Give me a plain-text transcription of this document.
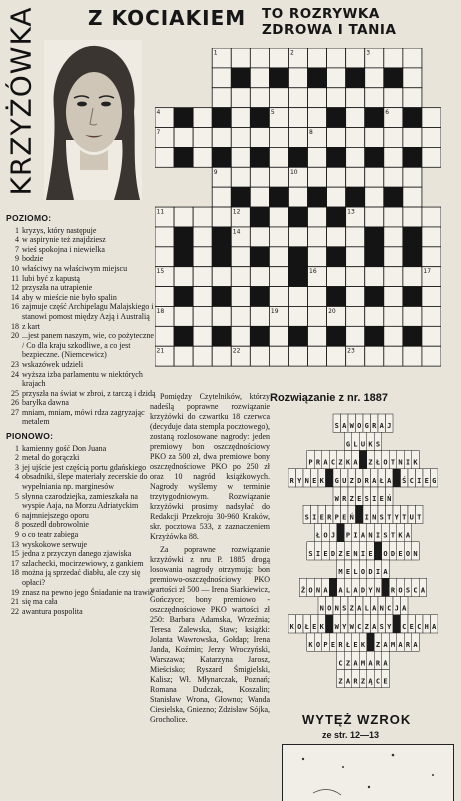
KRZYŻÓWKA	Z KOCIAKIEM TO ROZRYWKA
ZDROWA I TANIA
1	2	3
4	5	6
7	8
9	10
11	12	13
14
15	16	17
18	19	20
21	22	23
POZIOMO:
1 kryzys, który następuje
4 w aspirynie też znajdziesz
7 wieś spokojna i niewielka
9 bodzie
10 właściwy na właściwym miejscu
11 lubi być z kapustą
12 przyszła na utrapienie
14 aby w mieście nie było spalin
16 zajmuje część Archipelagu Malajskiego i stanowi pomost między Azją i Australią
18 z kart
20 ...jest panem naszym, wie, co pożyteczne / Co dla kraju szkodliwe, a co jest bezpieczne. (Niemcewicz)
23 wskazówek udzieli
24 wyższa izba parlamentu w niektórych krajach
25 przyszła na świat w zbroi, z tarczą i dzidą
26 baryłka dawna
27 mniam, mniam, mówi rdza zagryzając metalem
PIONOWO:
1 kamienny gość Don Juana
2 metal do gorączki
3 jej ujście jest częścią portu gdańskiego
4 obsadniki, ślepe materiały zecerskie do wypełniania np. marginesów
5 słynna czarodziejka, zamieszkała na wyspie Aaja, na Morzu Adriatyckim
6 najmniejszego oporu
8 poszedł dobrowolnie
9 o co teatr zabiega
13 wyskokowe serwuje
15 jedna z przyczyn danego zjawiska
17 szlachecki, mocirzewiowy, z gankiem
18 można ją sprzedać diabłu, ale czy się opłaci?
19 znasz na pewno jego Śniadanie na trawie
21 się ma cała
22 awantura pospolita

Pomiędzy Czytelników, którzy nadeślą poprawne rozwiązanie krzyżówki do czwartku 18 czerwca (decyduje data stempla pocztowego), zostaną rozlosowane nagrody: jeden premiowy bon oszczędnościowy PKO za 500 zł, dwa premiowe bony oszczędnościowe PKO po 250 zł oraz 10 nagród książkowych. Nagrody wyślemy w terminie trzytygodniowym. Rozwiązanie krzyżówki prosimy nadsyłać do Redakcji Przekroju 30-960 Kraków, skr. pocztowa 533, z zaznaczeniem Krzyżówka 88.

Za poprawne rozwiązanie krzyżówki z nru P. 1885 drogą losowania nagrody otrzymują: bon premiowo-oszczędnościowy PKO wartości zł 500 — Irena Siarkiewicz, Gończyce; bony premiowo - oszczędnościowe PKO wartości zł 250: Barbara Adamska, Wrzeźnia; Teresa Zalewska, Staw; książki: Jolanta Wawrowska, Gołdap; Irena Janda, Koźmin; Jerzy Wroczyński, Warszawa; Katarzyna Jarosz, Mieścisko; Ryszard Śmigielski, Kalisz; Wł. Młynarczak, Poznań; Romana Dudczak, Koszalin; Stanisław Wrona, Głowno; Wanda Ciesielska, Gniezno; Zdzisław Sójka, Grocholice.

Rozwiązanie z nr. 1887
S A W O G R A J
G L U K S
P R A C Z K A Z Ł O T N I K
R Y N E K G U Z D R A Ł A Ś C I E G
W R Z E S I E Ń
S I E R P E Ń I N S T Y T U T
Ł O J P I A N I S T K A
S I E D Z E N I E O D E O N
M E L O D I A
Ż O N A A L A D Y N R O S C A
N O N S Z A L A N C J A
K O Ł E K W Y W C Z A S Y C E C H A
K O P E R Ł E K Z A M A R A
C Z A M A R A
Z A R Z Ą C E
WYTĘŻ WZROK
ze str. 12—13
